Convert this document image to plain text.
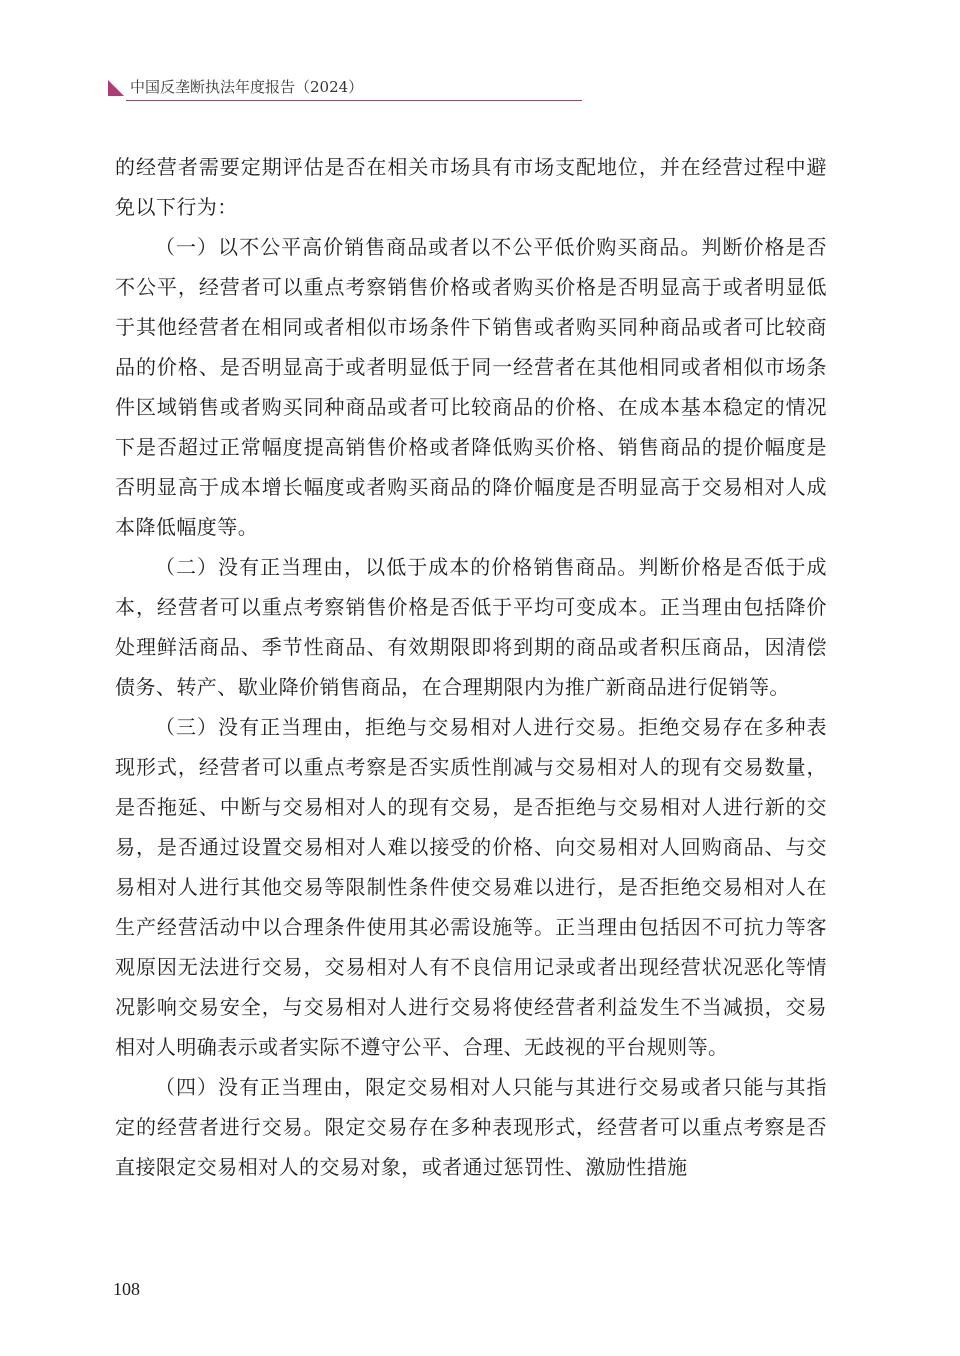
中国反垄断执法年度报告（2024）

的经营者需要定期评估是否在相关市场具有市场支配地位，并在经营过程中避免以下行为：

（一）以不公平高价销售商品或者以不公平低价购买商品。判断价格是否不公平，经营者可以重点考察销售价格或者购买价格是否明显高于或者明显低于其他经营者在相同或者相似市场条件下销售或者购买同种商品或者可比较商品的价格、是否明显高于或者明显低于同一经营者在其他相同或者相似市场条件区域销售或者购买同种商品或者可比较商品的价格、在成本基本稳定的情况下是否超过正常幅度提高销售价格或者降低购买价格、销售商品的提价幅度是否明显高于成本增长幅度或者购买商品的降价幅度是否明显高于交易相对人成本降低幅度等。

（二）没有正当理由，以低于成本的价格销售商品。判断价格是否低于成本，经营者可以重点考察销售价格是否低于平均可变成本。正当理由包括降价处理鲜活商品、季节性商品、有效期限即将到期的商品或者积压商品，因清偿债务、转产、歇业降价销售商品，在合理期限内为推广新商品进行促销等。

（三）没有正当理由，拒绝与交易相对人进行交易。拒绝交易存在多种表现形式，经营者可以重点考察是否实质性削减与交易相对人的现有交易数量，是否拖延、中断与交易相对人的现有交易，是否拒绝与交易相对人进行新的交易，是否通过设置交易相对人难以接受的价格、向交易相对人回购商品、与交易相对人进行其他交易等限制性条件使交易难以进行，是否拒绝交易相对人在生产经营活动中以合理条件使用其必需设施等。正当理由包括因不可抗力等客观原因无法进行交易，交易相对人有不良信用记录或者出现经营状况恶化等情况影响交易安全，与交易相对人进行交易将使经营者利益发生不当减损，交易相对人明确表示或者实际不遵守公平、合理、无歧视的平台规则等。

（四）没有正当理由，限定交易相对人只能与其进行交易或者只能与其指定的经营者进行交易。限定交易存在多种表现形式，经营者可以重点考察是否直接限定交易相对人的交易对象，或者通过惩罚性、激励性措施

108
